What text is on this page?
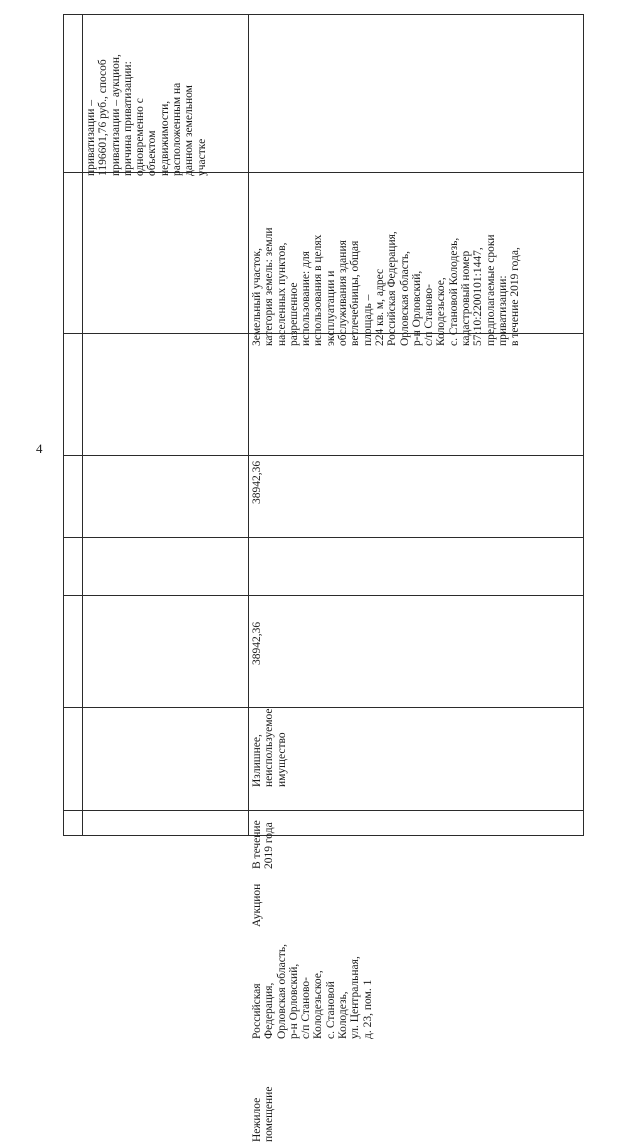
4
приватизации –
1196601,76 руб., способ
приватизации – аукцион,
причина приватизации:
одновременно с
объектом
недвижимости,
расположенным на
данном земельном
участке
Земельный участок,
категория земель: земли
населенных пунктов,
разрешенное
использование: для
использования в целях
эксплуатации и
обслуживания здания
ветлечебницы, общая
площадь –
224 кв. м, адрес
Российская Федерация,
Орловская область,
р-н Орловский,
с/п Станово-
Колодезьское,
с. Становой Колодезь,
кадастровый номер
57:10:2200101:1447,
предполагаемые сроки
приватизации:
в течение 2019 года,
38942,36
38942,36
Излишнее,
неиспользуемое
имущество
В течение
2019 года
Аукцион
Российская
Федерация,
Орловская область,
р-н Орловский,
с/п Станово-
Колодезьское,
с. Становой
Колодезь,
ул. Центральная,
д. 23, пом. 1
Нежилое
помещение
